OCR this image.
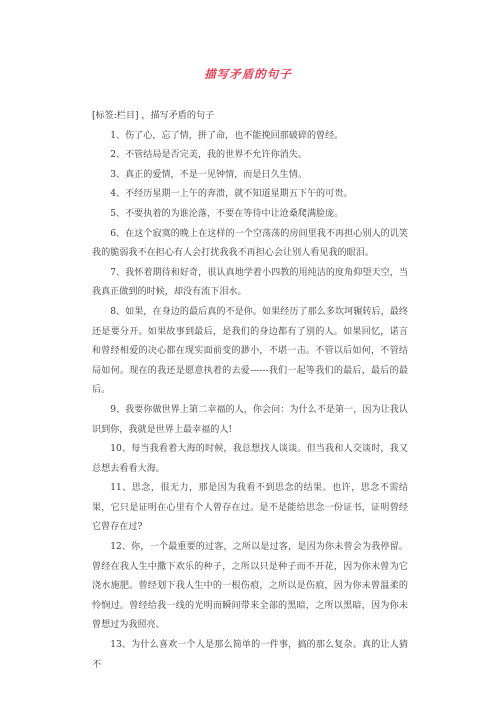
描写矛盾的句子

[标签:栏目] ，描写矛盾的句子

1、伤了心，忘了情，拼了命，也不能挽回那破碎的曾经。

2、不管结局是否完美，我的世界不允许你消失。

3、真正的爱情，不是一见钟情，而是日久生情。

4、不经历星期一上午的奔溃，就不知道星期五下午的可贵。

5、不要执着的为谁沦落，不要在等待中让沧桑爬满脸庞。

6、在这个寂寞的晚上在这样的一个空荡荡的房间里我不再担心别人的讥笑我的脆弱我不在担心有人会打扰我我不再担心会让别人看见我的眼泪。

7、我怀着期待和好奇，很认真地学着小四教的用纯洁的度角仰望天空，当我真正做到的时候，却没有流下泪水。

8、如果，在身边的最后真的不是你。如果经历了那么多坎坷辗转后，最终还是要分开。如果故事到最后，是我们的身边都有了别的人。如果回忆，诺言和曾经相爱的决心都在现实面前变的渺小，不堪一击。不管以后如何，不管结局如何。现在的我还是愿意执着的去爱------我们一起等我们的最后，最后的最后。

9、我要你做世界上第二幸福的人，你会问：为什么不是第一，因为让我认识到你，我就是世界上最幸福的人!

10、每当我看着大海的时候，我总想找人谈谈。但当我和人交谈时，我又总想去看看大海。

11、思念，很无力，那是因为我看不到思念的结果。也许，思念不需结果，它只是证明在心里有个人曾存在过。是不是能给思念一份证书，证明曾经它曾存在过?

12、你，一个最重要的过客，之所以是过客，是因为你未曾会为我停留。曾经在我人生中撒下欢乐的种子，之所以只是种子而不开花，因为你未曾为它浇水施肥。曾经划下我人生中的一根伤痕，之所以是伤痕，因为你未曾温柔的怜悯过。曾经给我一线的光明而瞬间带来全部的黑暗，之所以黑暗，因为你未曾想过为我照亮。

13、为什么喜欢一个人是那么简单的一件事，搞的那么复杂。真的让人猜不
